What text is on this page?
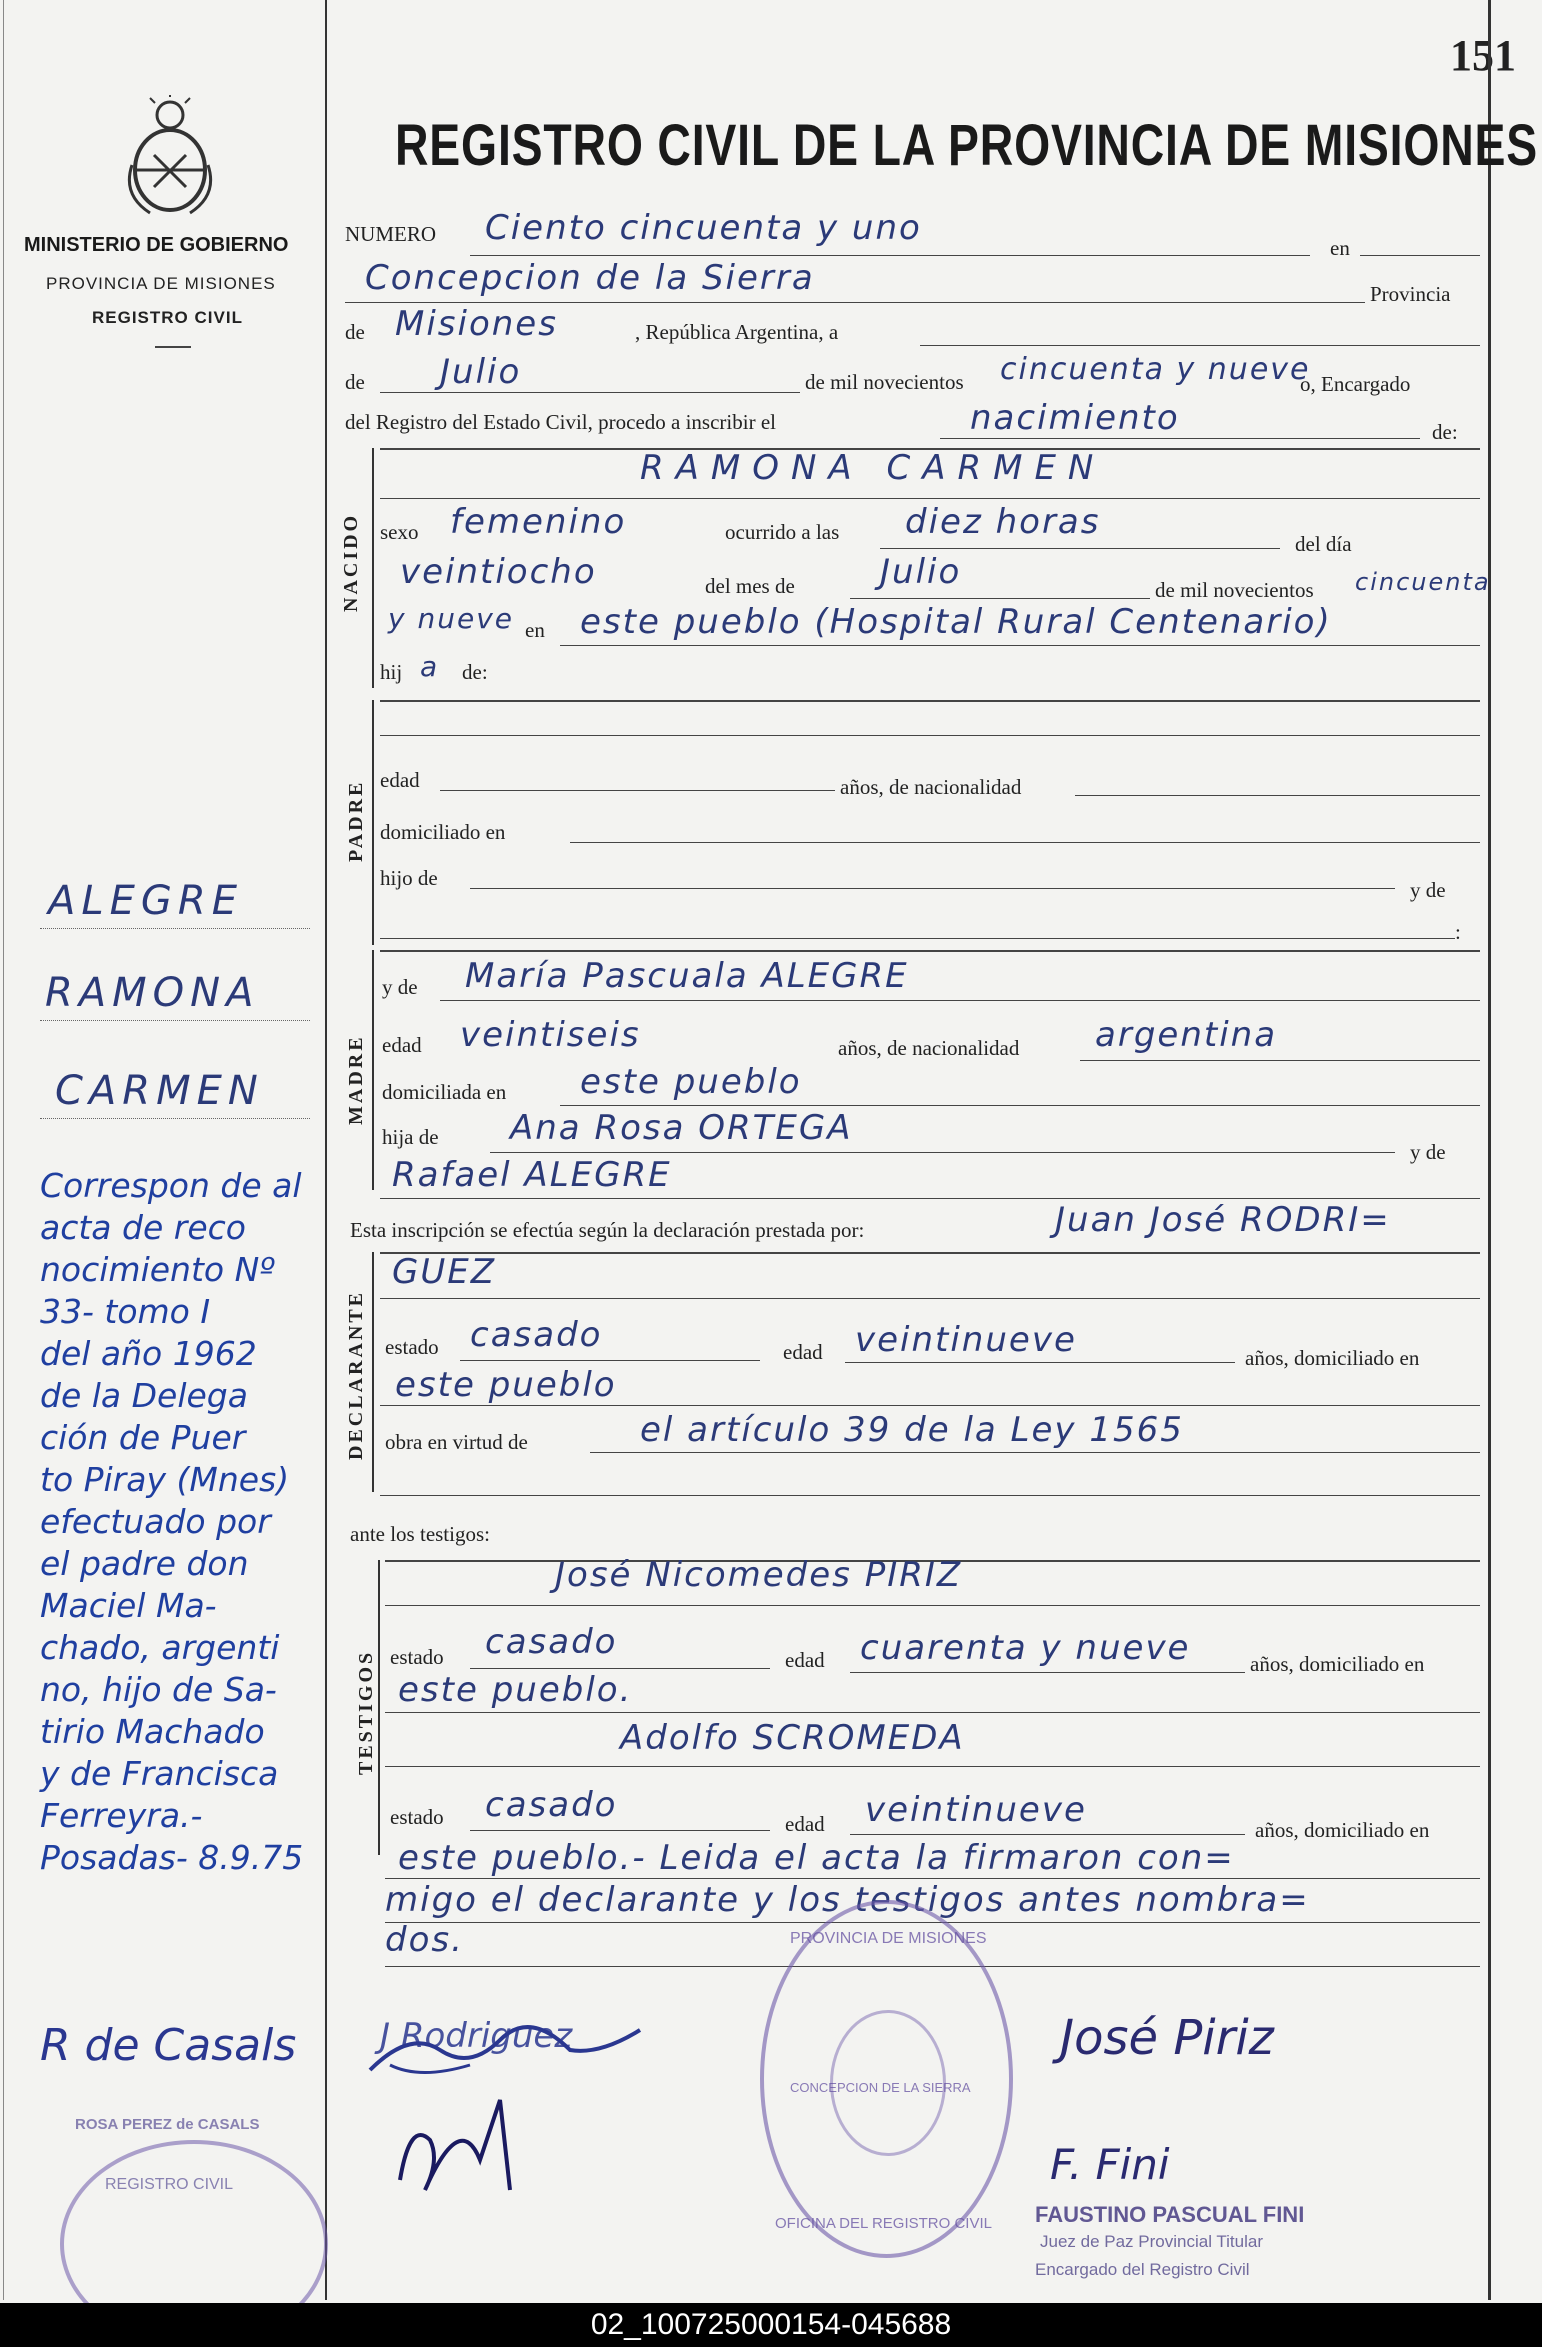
151
MINISTERIO DE GOBIERNO
PROVINCIA DE MISIONES
REGISTRO CIVIL
REGISTRO CIVIL DE LA PROVINCIA DE MISIONES
NUMERO Ciento cincuenta y uno	en
Concepcion de la Sierra	Provincia
de Misiones	, República Argentina, a
de Julio	de mil novecientos cincuenta y nueve
o, Encargado
del Registro del Estado Civil, procedo a inscribir el	nacimiento	de:
NACIDO
RAMONA CARMEN
sexo femenino	ocurrido a las diez horas
del día
veintiocho	del mes de	Julio	de mil novecientos cincuenta
y nueve en este pueblo (Hospital Rural Centenario)
hij a de:
PADRE edad	años, de nacionalidad
domiciliado en
hijo de	y de
:
MADRE
y de María Pascuala ALEGRE
edad veintiseis	años, de nacionalidad argentina
domiciliada en este pueblo
hija de Ana Rosa ORTEGA
y de
Rafael ALEGRE
Esta inscripción se efectúa según la declaración prestada por:	Juan José RODRI=
DECLARANTE
GUEZ
estado casado	edad veintinueve	años, domiciliado en
este pueblo
obra en virtud de	el artículo 39 de la Ley 1565
ante los testigos:
TESTIGOS
José Nicomedes PIRIZ
estado casado	edad cuarenta y nueve	años, domiciliado en
este pueblo.
Adolfo SCROMEDA
estado casado	edad veintinueve	años, domiciliado en
este pueblo.- Leida el acta la firmaron con=
migo el declarante y los testigos antes nombra=
dos.
ALEGRE
RAMONA
CARMEN
Correspon de al
acta de reco
nocimiento Nº
33- tomo I
del año 1962
de la Delega
ción de Puer
to Piray (Mnes)
efectuado por
el padre don
Maciel Ma-
chado, argenti
no, hijo de Sa-
tirio Machado
y de Francisca
Ferreyra.-
Posadas- 8.9.75
R de Casals
ROSA PEREZ de CASALS
REGISTRO CIVIL
J Rodriguez
PROVINCIA DE MISIONES
CONCEPCION DE LA SIERRA
OFICINA DEL REGISTRO CIVIL
José Piriz
F. Fini
FAUSTINO PASCUAL FINI
Juez de Paz Provincial Titular
Encargado del Registro Civil
02_100725000154-045688
